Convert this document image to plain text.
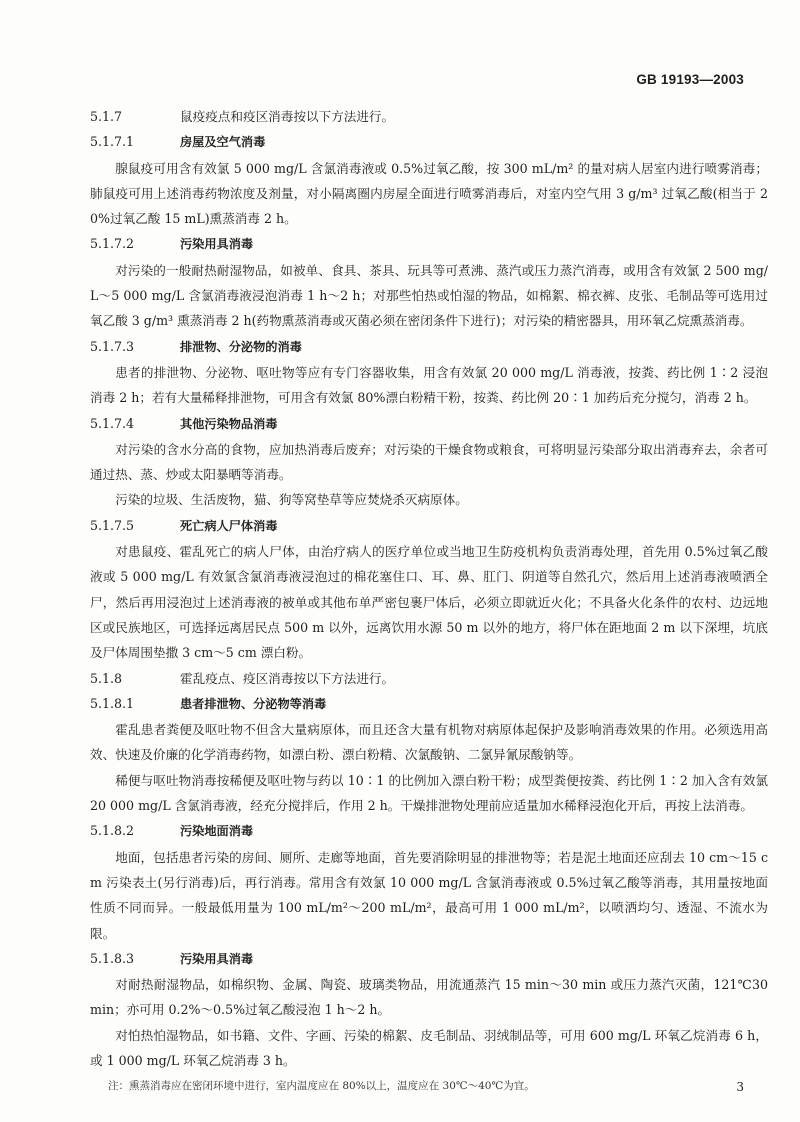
GB 19193—2003
5.1.7	鼠疫疫点和疫区消毒按以下方法进行。
5.1.7.1	房屋及空气消毒

腺鼠疫可用含有效氯 5 000 mg/L 含氯消毒液或 0.5%过氧乙酸，按 300 mL/m² 的量对病人居室内进行喷雾消毒；肺鼠疫可用上述消毒药物浓度及剂量，对小隔离圈内房屋全面进行喷雾消毒后，对室内空气用 3 g/m³ 过氧乙酸(相当于 20%过氧乙酸 15 mL)熏蒸消毒 2 h。

5.1.7.2	污染用具消毒

对污染的一般耐热耐湿物品，如被单、食具、茶具、玩具等可煮沸、蒸汽或压力蒸汽消毒，或用含有效氯 2 500 mg/L～5 000 mg/L 含氯消毒液浸泡消毒 1 h～2 h；对那些怕热或怕湿的物品，如棉絮、棉衣裤、皮张、毛制品等可选用过氧乙酸 3 g/m³ 熏蒸消毒 2 h(药物熏蒸消毒或灭菌必须在密闭条件下进行)；对污染的精密器具，用环氧乙烷熏蒸消毒。

5.1.7.3	排泄物、分泌物的消毒

患者的排泄物、分泌物、呕吐物等应有专门容器收集，用含有效氯 20 000 mg/L 消毒液，按粪、药比例 1∶2 浸泡消毒 2 h；若有大量稀释排泄物，可用含有效氯 80%漂白粉精干粉，按粪、药比例 20∶1 加药后充分搅匀，消毒 2 h。

5.1.7.4	其他污染物品消毒

对污染的含水分高的食物，应加热消毒后废弃；对污染的干燥食物或粮食，可将明显污染部分取出消毒弃去，余者可通过热、蒸、炒或太阳暴晒等消毒。

污染的垃圾、生活废物，猫、狗等窝垫草等应焚烧杀灭病原体。

5.1.7.5	死亡病人尸体消毒

对患鼠疫、霍乱死亡的病人尸体，由治疗病人的医疗单位或当地卫生防疫机构负责消毒处理，首先用 0.5%过氧乙酸液或 5 000 mg/L 有效氯含氯消毒液浸泡过的棉花塞住口、耳、鼻、肛门、阴道等自然孔穴，然后用上述消毒液喷洒全尸，然后再用浸泡过上述消毒液的被单或其他布单严密包裹尸体后，必须立即就近火化；不具备火化条件的农村、边远地区或民族地区，可选择远离居民点 500 m 以外，远离饮用水源 50 m 以外的地方，将尸体在距地面 2 m 以下深埋，坑底及尸体周围垫撒 3 cm～5 cm 漂白粉。

5.1.8	霍乱疫点、疫区消毒按以下方法进行。
5.1.8.1	患者排泄物、分泌物等消毒

霍乱患者粪便及呕吐物不但含大量病原体，而且还含大量有机物对病原体起保护及影响消毒效果的作用。必须选用高效、快速及价廉的化学消毒药物，如漂白粉、漂白粉精、次氯酸钠、二氯异氰尿酸钠等。

稀便与呕吐物消毒按稀便及呕吐物与药以 10∶1 的比例加入漂白粉干粉；成型粪便按粪、药比例 1∶2 加入含有效氯 20 000 mg/L 含氯消毒液，经充分搅拌后，作用 2 h。干燥排泄物处理前应适量加水稀释浸泡化开后，再按上法消毒。

5.1.8.2	污染地面消毒

地面，包括患者污染的房间、厕所、走廊等地面，首先要消除明显的排泄物等；若是泥土地面还应刮去 10 cm～15 cm 污染表土(另行消毒)后，再行消毒。常用含有效氯 10 000 mg/L 含氯消毒液或 0.5%过氧乙酸等消毒，其用量按地面性质不同而异。一般最低用量为 100 mL/m²～200 mL/m²，最高可用 1 000 mL/m²，以喷洒均匀、透湿、不流水为限。

5.1.8.3	污染用具消毒

对耐热耐湿物品，如棉织物、金属、陶瓷、玻璃类物品，用流通蒸汽 15 min～30 min 或压力蒸汽灭菌，121℃30 min；亦可用 0.2%～0.5%过氧乙酸浸泡 1 h～2 h。

对怕热怕湿物品，如书籍、文件、字画、污染的棉絮、皮毛制品、羽绒制品等，可用 600 mg/L 环氧乙烷消毒 6 h，或 1 000 mg/L 环氧乙烷消毒 3 h。

注：熏蒸消毒应在密闭环境中进行，室内温度应在 80%以上，温度应在 30℃～40℃为宜。	3
